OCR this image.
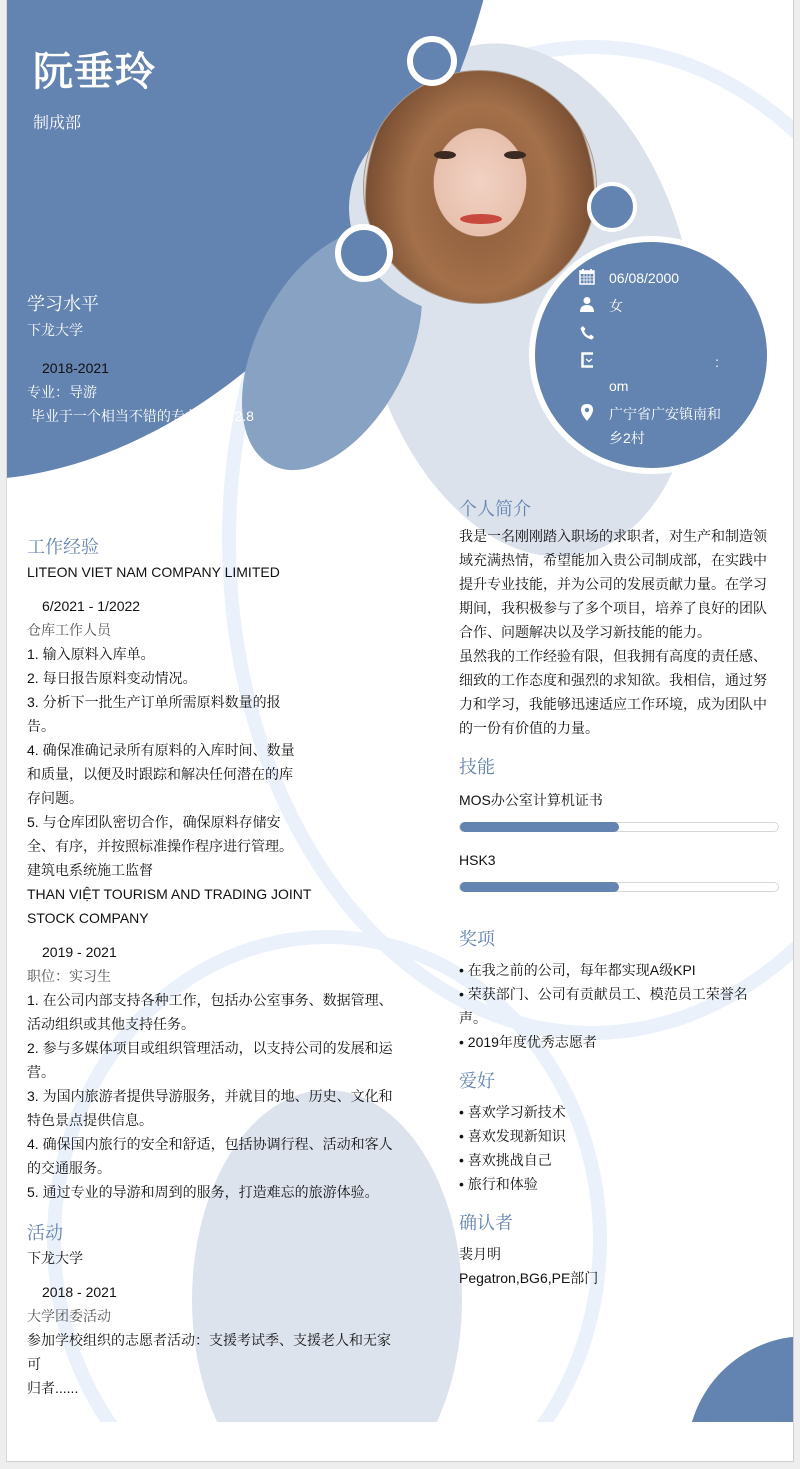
阮垂玲
制成部
06/08/2000
女
:
om
广宁省广安镇南和乡2村
学习水平
下龙大学
2018-2021
专业：导游
毕业于一个相当不错的专业,GPA 2.8
工作经验
LITEON VIET NAM COMPANY LIMITED
6/2021 - 1/2022
仓库工作人员
1. 输入原料入库单。
2. 每日报告原料变动情况。
3. 分析下一批生产订单所需原料数量的报
告。
4. 确保准确记录所有原料的入库时间、数量
和质量，以便及时跟踪和解决任何潜在的库
存问题。
5. 与仓库团队密切合作，确保原料存储安
全、有序，并按照标准操作程序进行管理。
建筑电系统施工监督
THAN VIỆT TOURISM AND TRADING JOINT STOCK COMPANY
2019 - 2021
职位：实习生
1. 在公司内部支持各种工作，包括办公室事务、数据管理、
活动组织或其他支持任务。
2. 参与多媒体项目或组织管理活动，以支持公司的发展和运
营。
3. 为国内旅游者提供导游服务，并就目的地、历史、文化和
特色景点提供信息。
4. 确保国内旅行的安全和舒适，包括协调行程、活动和客人
的交通服务。
5. 通过专业的导游和周到的服务，打造难忘的旅游体验。
活动
下龙大学
2018 - 2021
大学团委活动
参加学校组织的志愿者活动：支援考试季、支援老人和无家
可
归者......
个人简介
我是一名刚刚踏入职场的求职者，对生产和制造领
域充满热情，希望能加入贵公司制成部，在实践中
提升专业技能，并为公司的发展贡献力量。在学习
期间，我积极参与了多个项目，培养了良好的团队
合作、问题解决以及学习新技能的能力。
虽然我的工作经验有限，但我拥有高度的责任感、
细致的工作态度和强烈的求知欲。我相信，通过努
力和学习，我能够迅速适应工作环境，成为团队中
的一份有价值的力量。
技能
MOS办公室计算机证书
HSK3
奖项
• 在我之前的公司，每年都实现A级KPI
• 荣获部门、公司有贡献员工、模范员工荣誉名
声。
• 2019年度优秀志愿者
爱好
• 喜欢学习新技术
• 喜欢发现新知识
• 喜欢挑战自己
• 旅行和体验
确认者
裴月明
Pegatron,BG6,PE部门
